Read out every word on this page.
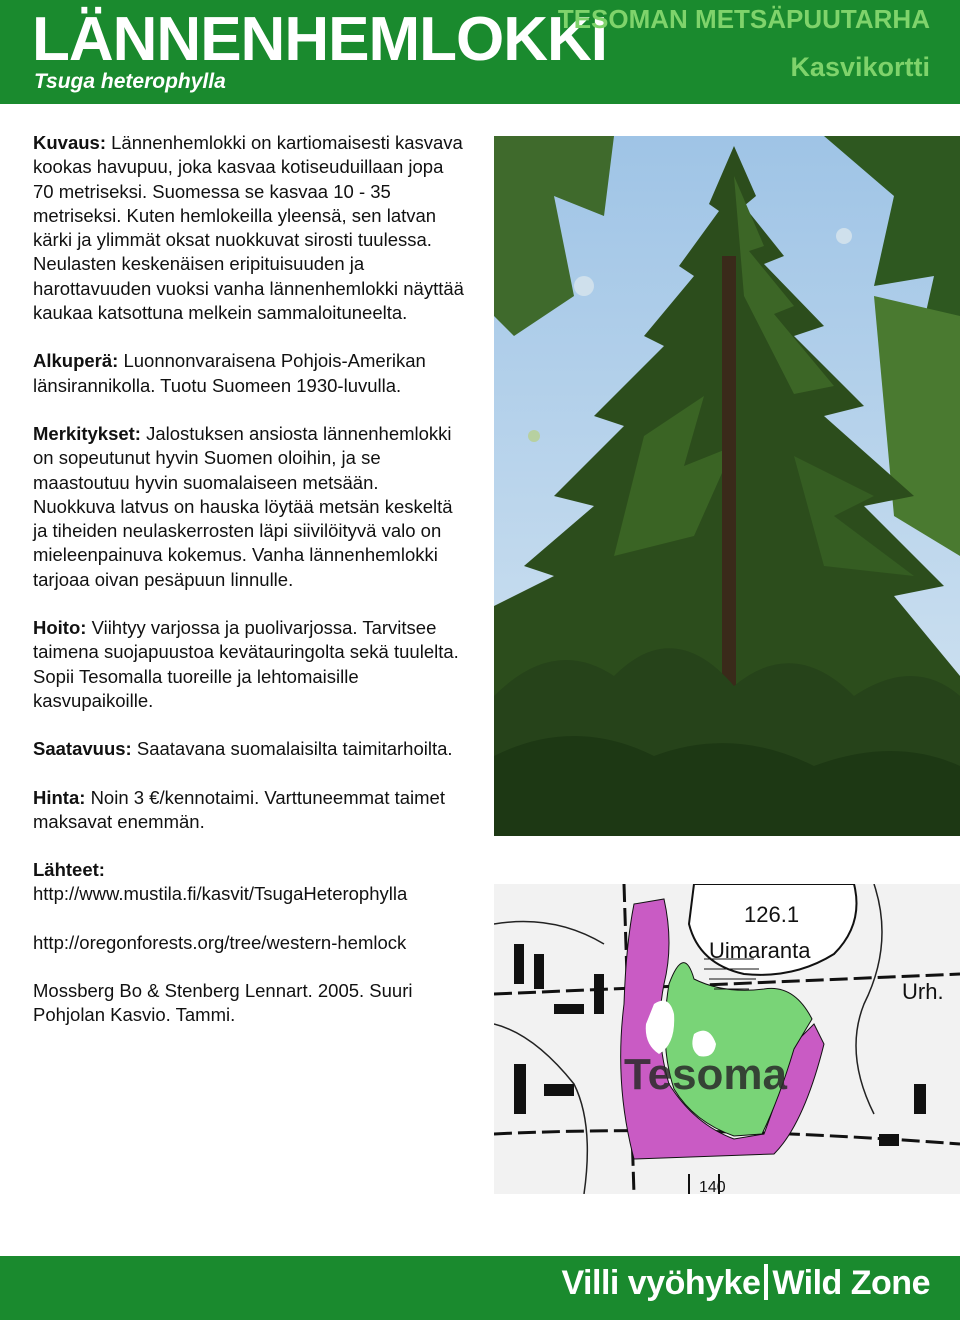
LÄNNENHEMLOKKI
Tsuga heterophylla
TESOMAN METSÄPUUTARHA
Kasvikortti

Kuvaus: Lännenhemlokki on kartiomaisesti kasvava kookas havupuu, joka kasvaa kotiseuduillaan jopa 70 metriseksi. Suomessa se kasvaa 10 - 35 metriseksi. Kuten hemlokeilla yleensä, sen latvan kärki ja ylimmät oksat nuokkuvat sirosti tuulessa. Neulasten keskenäisen eripituisuuden ja harottavuuden vuoksi vanha lännenhemlokki näyttää kaukaa katsottuna melkein sammaloituneelta.

Alkuperä: Luonnonvaraisena Pohjois-Amerikan länsirannikolla. Tuotu Suomeen 1930-luvulla.

Merkitykset: Jalostuksen ansiosta lännenhemlokki on sopeutunut hyvin Suomen oloihin, ja se maastoutuu hyvin suomalaiseen metsään. Nuokkuva latvus on hauska löytää metsän keskeltä ja tiheiden neulaskerrosten läpi siivilöityvä valo on mieleenpainuva kokemus. Vanha lännenhemlokki tarjoaa oivan pesäpuun linnulle.

Hoito: Viihtyy varjossa ja puolivarjossa. Tarvitsee taimena suojapuustoa kevätauringolta sekä tuulelta. Sopii Tesomalla tuoreille ja lehtomaisille kasvupaikoille.

Saatavuus: Saatavana suomalaisilta taimitarhoilta.

Hinta: Noin 3 €/kennotaimi. Varttuneemmat taimet maksavat enemmän.

Lähteet:
http://www.mustila.fi/kasvit/TsugaHeterophylla

http://oregonforests.org/tree/western-hemlock

Mossberg Bo & Stenberg Lennart. 2005. Suuri Pohjolan Kasvio. Tammi.

126.1
Uimaranta
Urh.
Tesoma
140
Villi vyöhyke Wild Zone
